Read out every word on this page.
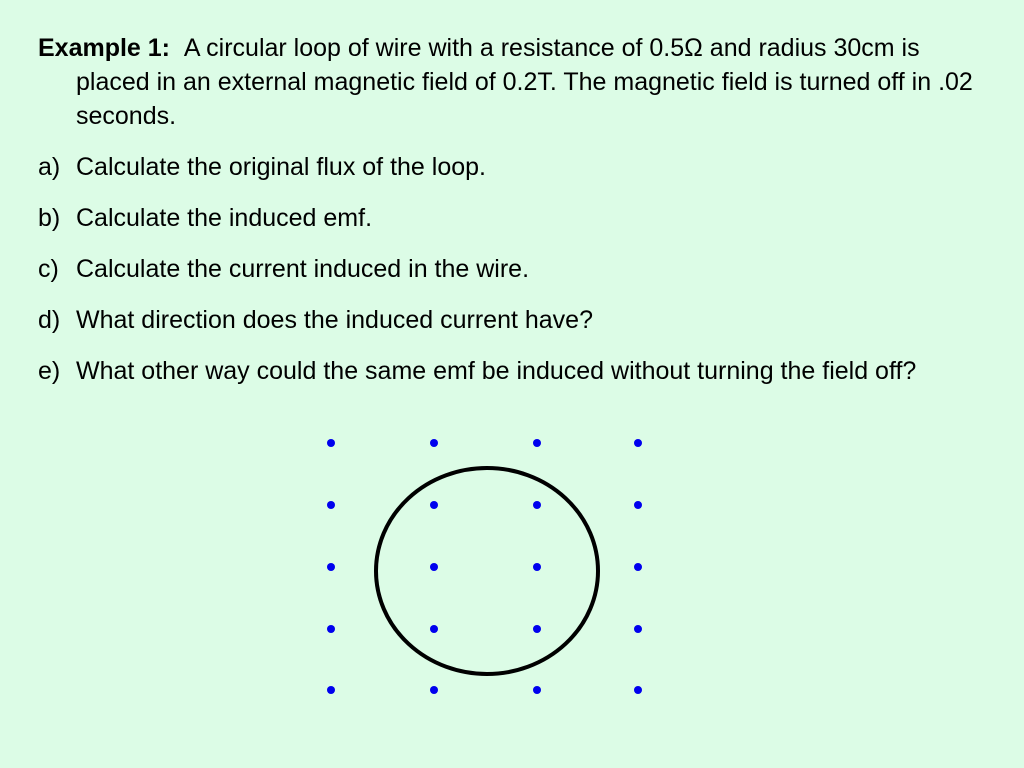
Example 1: A circular loop of wire with a resistance of 0.5Ω and radius 30cm is placed in an external magnetic field of 0.2T. The magnetic field is turned off in .02 seconds.

a) Calculate the original flux of the loop.
b) Calculate the induced emf.
c) Calculate the current induced in the wire.
d) What direction does the induced current have?
e) What other way could the same emf be induced without turning the field off?
